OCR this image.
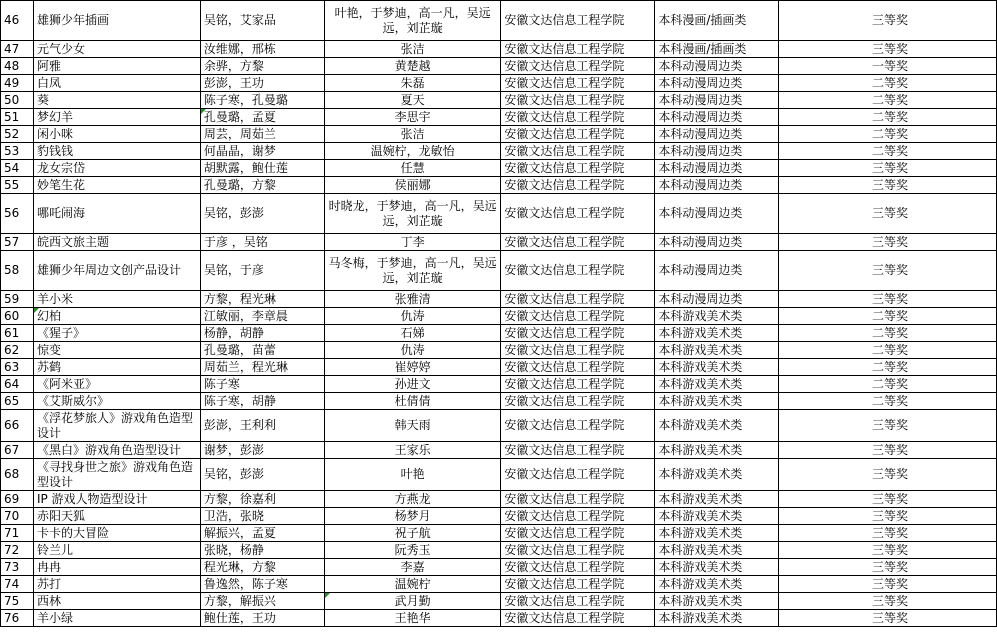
46	雄狮少年插画	吴铭，艾家品	叶艳，于梦迪，高一凡，吴远远，刘芷璇	安徽文达信息工程学院	本科漫画/插画类	三等奖
47	元气少女	汝维娜，邢栋	张洁	安徽文达信息工程学院	本科漫画/插画类	三等奖
48	阿雅	余骅，方黎	黄楚越	安徽文达信息工程学院	本科动漫周边类	一等奖
49	白凤	彭澎，王功	朱磊	安徽文达信息工程学院	本科动漫周边类	二等奖
50	葵	陈子寒，孔曼璐	夏天	安徽文达信息工程学院	本科动漫周边类	二等奖
51	梦幻羊	孔曼璐，孟夏	李思宇	安徽文达信息工程学院	本科动漫周边类	二等奖
52	闲小咪	周芸，周茹兰	张洁	安徽文达信息工程学院	本科动漫周边类	二等奖
53	豹钱钱	何晶晶，谢梦	温婉柠，龙敏怡	安徽文达信息工程学院	本科动漫周边类	二等奖
54	龙女宗岱	胡默露，鲍仕莲	任慧	安徽文达信息工程学院	本科动漫周边类	三等奖
55	妙笔生花	孔曼璐，方黎	侯丽娜	安徽文达信息工程学院	本科动漫周边类	三等奖
56	哪吒闹海	吴铭，彭澎	时晓龙，于梦迪，高一凡，吴远远，刘芷璇	安徽文达信息工程学院	本科动漫周边类	三等奖
57	皖西文旅主题	于彦 ，吴铭	丁李	安徽文达信息工程学院	本科动漫周边类	三等奖
58	雄狮少年周边文创产品设计	吴铭，于彦	马冬梅，于梦迪，高一凡，吴远远，刘芷璇	安徽文达信息工程学院	本科动漫周边类	三等奖
59	羊小米	方黎，程光琳	张雅清	安徽文达信息工程学院	本科动漫周边类	三等奖
60	幻柏	江敏丽，李章晨	仇涛	安徽文达信息工程学院	本科游戏美术类	二等奖
61	《猩子》	杨静，胡静	石娣	安徽文达信息工程学院	本科游戏美术类	二等奖
62	惊变	孔曼璐，苗蕾	仇涛	安徽文达信息工程学院	本科游戏美术类	二等奖
63	苏鹤	周茹兰，程光琳	崔婷婷	安徽文达信息工程学院	本科游戏美术类	二等奖
64	《阿米亚》	陈子寒	孙进文	安徽文达信息工程学院	本科游戏美术类	二等奖
65	《艾斯威尔》	陈子寒，胡静	杜倩倩	安徽文达信息工程学院	本科游戏美术类	二等奖
66	《浮花梦旅人》游戏角色造型设计	彭澎，王利利	韩天雨	安徽文达信息工程学院	本科游戏美术类	三等奖
67	《黑白》游戏角色造型设计	谢梦，彭澎	王家乐	安徽文达信息工程学院	本科游戏美术类	三等奖
68	《寻找身世之旅》游戏角色造型设计	吴铭，彭澎	叶艳	安徽文达信息工程学院	本科游戏美术类	三等奖
69	IP 游戏人物造型设计	方黎，徐嘉利	方燕龙	安徽文达信息工程学院	本科游戏美术类	三等奖
70	赤阳天狐	卫浩，张晓	杨梦月	安徽文达信息工程学院	本科游戏美术类	三等奖
71	卡卡的大冒险	解振兴，孟夏	祝子航	安徽文达信息工程学院	本科游戏美术类	三等奖
72	铃兰儿	张晓，杨静	阮秀玉	安徽文达信息工程学院	本科游戏美术类	三等奖
73	冉冉	程光琳，方黎	李嘉	安徽文达信息工程学院	本科游戏美术类	三等奖
74	苏打	鲁逸然，陈子寒	温婉柠	安徽文达信息工程学院	本科游戏美术类	三等奖
75	西林	方黎，解振兴	武月勤	安徽文达信息工程学院	本科游戏美术类	三等奖
76	羊小绿	鲍仕莲，王功	王艳华	安徽文达信息工程学院	本科游戏美术类	三等奖
